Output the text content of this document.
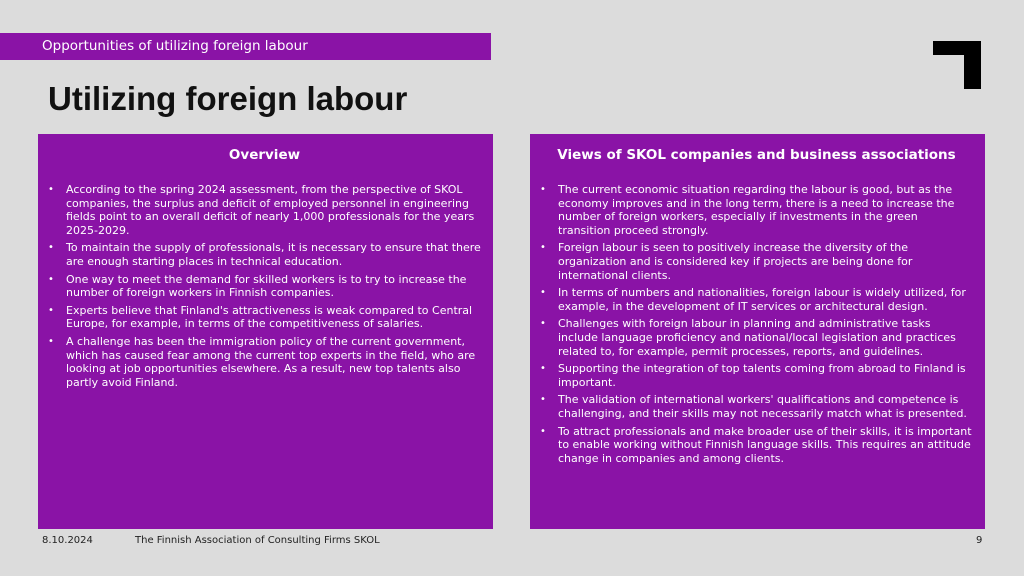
Opportunities of utilizing foreign labour
Utilizing foreign labour
Overview
• According to the spring 2024 assessment, from the perspective of SKOL companies, the surplus and deficit of employed personnel in engineering fields point to an overall deficit of nearly 1,000 professionals for the years 2025-2029.
• To maintain the supply of professionals, it is necessary to ensure that there are enough starting places in technical education.
• One way to meet the demand for skilled workers is to try to increase the number of foreign workers in Finnish companies.
• Experts believe that Finland's attractiveness is weak compared to Central Europe, for example, in terms of the competitiveness of salaries.
• A challenge has been the immigration policy of the current government, which has caused fear among the current top experts in the field, who are looking at job opportunities elsewhere. As a result, new top talents also partly avoid Finland.
Views of SKOL companies and business associations
• The current economic situation regarding the labour is good, but as the economy improves and in the long term, there is a need to increase the number of foreign workers, especially if investments in the green transition proceed strongly.
• Foreign labour is seen to positively increase the diversity of the organization and is considered key if projects are being done for international clients.
• In terms of numbers and nationalities, foreign labour is widely utilized, for example, in the development of IT services or architectural design.
• Challenges with foreign labour in planning and administrative tasks include language proficiency and national/local legislation and practices related to, for example, permit processes, reports, and guidelines.
• Supporting the integration of top talents coming from abroad to Finland is important.
• The validation of international workers' qualifications and competence is challenging, and their skills may not necessarily match what is presented.
• To attract professionals and make broader use of their skills, it is important to enable working without Finnish language skills. This requires an attitude change in companies and among clients.
8.10.2024	The Finnish Association of Consulting Firms SKOL	9
